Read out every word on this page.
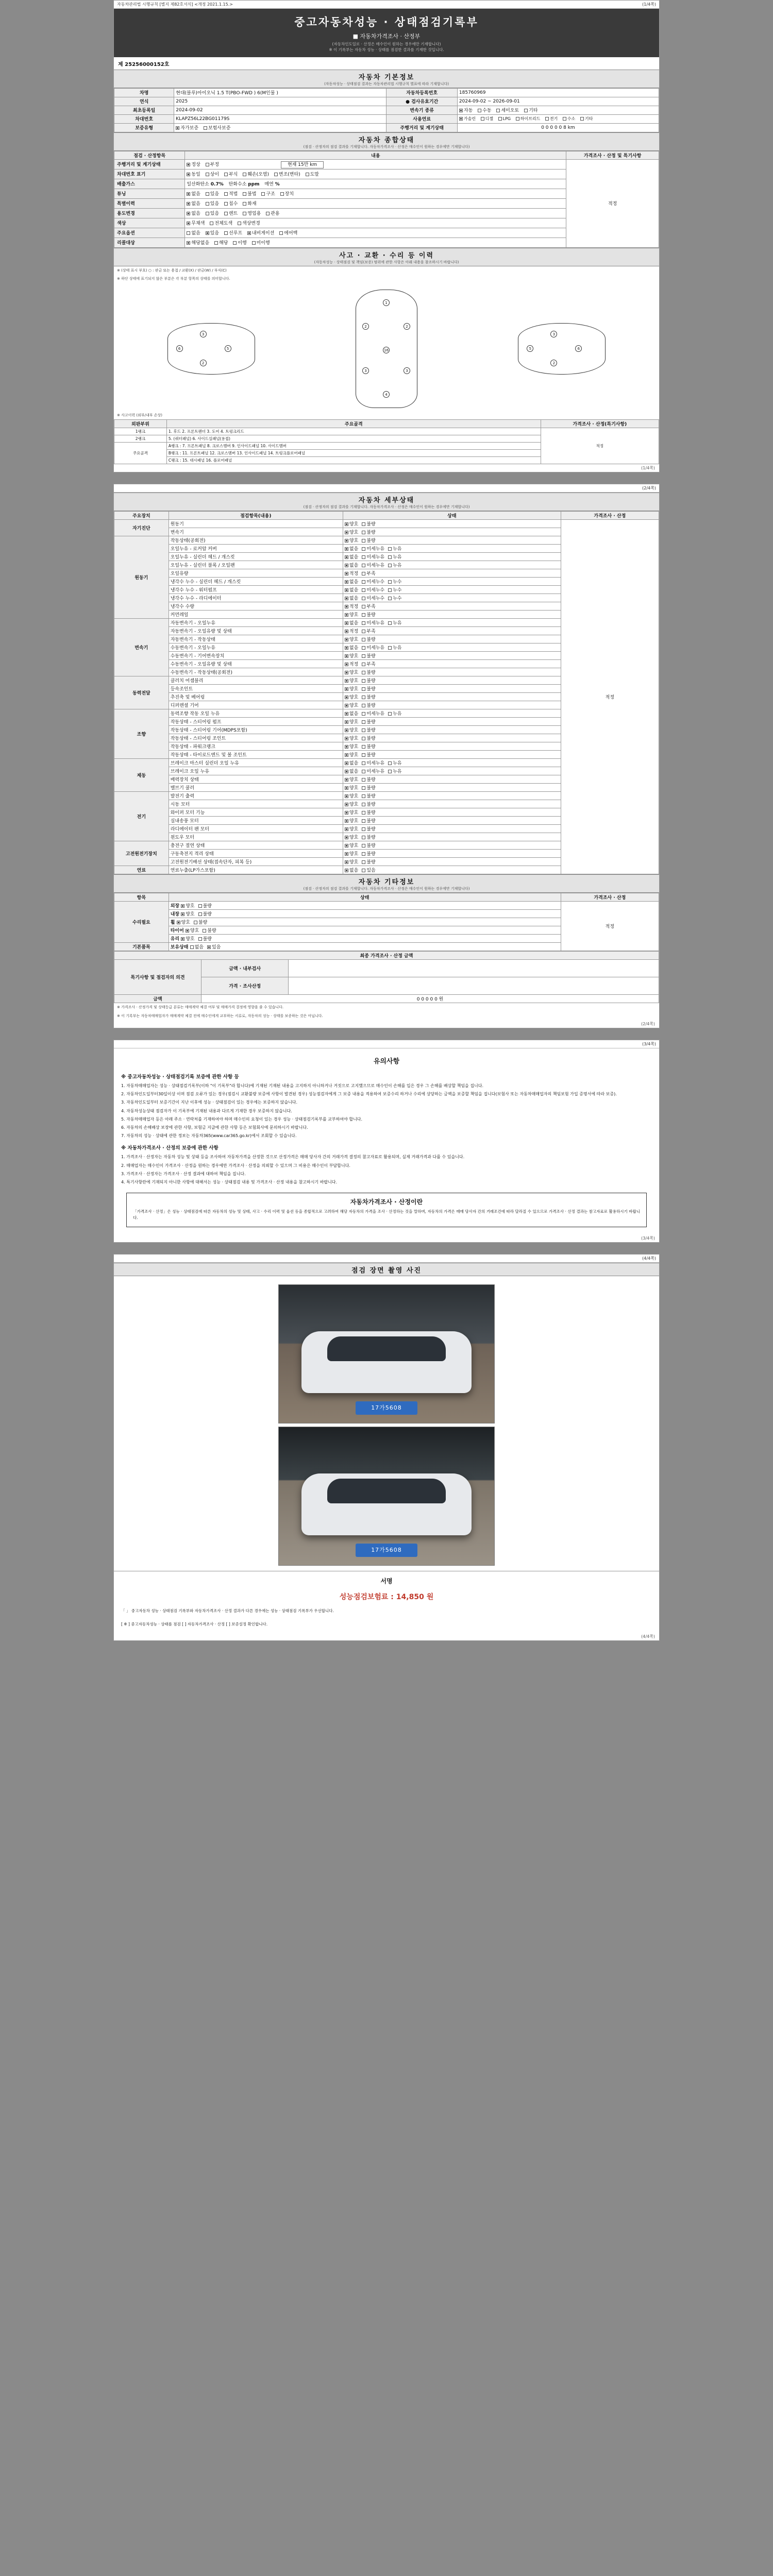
자동차관리법 시행규칙 [별지 제82호서식] <개정 2021.1.15.>	(1/4쪽)
중고자동차성능 · 상태점검기록부
■ 자동차가격조사 · 산정부
(자동차인도일로 · 산정은 매수인이 원하는 경우에만 기재합니다)
※ 이 기록부는 자동차 성능 · 상태를 점검한 결과를 기재한 것입니다.
제 25256000152호
자동차 기본정보
(자동차성능 · 상태점검 결과는 자동차관리법 시행규칙 별표에 따라 기재합니다)
차명	현대(블루)아이오닉 1.5 T(PBO-FWD ) 6(M인물 )	자동차등록번호	185760969
연식	2025	● 검사유효기간	2024-09-02 ~ 2026-09-01
최초등록일	2024-09-02	변속기 종류	자동 수동 세미오토 기타
차대번호	KLAPZ56L22BG01179S	사용연료	가솔린 디젤 LPG 하이브리드 전기 수소 기타
보증유형	자가보증 보험사보증	주행거리 및 계기상태	0 0 0 0 0 8 km
자동차 종합상태
(점검 · 산정자의 점검 결과를 기재합니다. 자동차가격조사 · 산정은 매수인이 원하는 경우에만 기재합니다)
점검 · 산정항목	내용	가격조사 · 산정 및 특기사항
주행거리 및 계기상태	정상 부정 현재 15만 km	적정
차대번호 표기	동일 상이 부식 훼손(오염) 변조(변타) 도말	
배출가스	일산화탄소 0.7% 탄화수소 ppm 매연 %	
튜닝	없음 있음 적법 불법 구조 장치	
특별이력	없음 있음 침수 화재	
용도변경	없음 있음 렌트 영업용 관용	
색상	무채색 전체도색 색상변경	
주요옵션	없음 있음 선루프 내비게이션 에어백	
리콜대상	해당없음 해당 이행 미이행	
사고 · 교환 · 수리 등 이력
(자동차성능 · 상태점검 및 책임(보증) 범위에 관한 사항은 아래 내용을 참조하시기 바랍니다)
※ (상태 표시 부호) ○ : 판금 또는 용접 / 교환(X) / 판금(W) / 부식(C)
※ 하단 상태에 표기되지 않은 부분은 각 부분 항목의 상태를 의미합니다.
6
3
5
2
1
2	2
16
3	3
4
5
3
6
2
※ 사고이력 (외부/내부 손상)
외판부위	주요골격	가격조사 · 산정(특기사항)
1랭크	1. 후드 2. 프론트펜더 3. 도어 4. 트렁크리드	적정
2랭크	5. (쿼터패널) 6. 사이드실패널(용접)	
주요골격	A랭크 : 7. 프론트패널 8. 크로스멤버 9. 인사이드패널 10. 사이드멤버	
	B랭크 : 11. 프론트패널 12. 크로스멤버 13. 인사이드패널 14. 트렁크플로어패널	
	C랭크 : 15. 대시패널 16. 플로어패널	
(1/4쪽)
(2/4쪽)
자동차 세부상태
(점검 · 산정자의 점검 결과를 기재합니다. 자동차가격조사 · 산정은 매수인이 원하는 경우에만 기재합니다)
주요장치	점검항목(내용)	상태	가격조사 · 산정
자기진단	원동기	양호 불량	적정
	변속기	양호 불량	
원동기	작동상태(공회전)	양호 불량	
	오일누유 - 로커암 커버	없음 미세누유 누유	
	오일누유 - 실린더 헤드 / 개스킷	없음 미세누유 누유	
	오일누유 - 실린더 블록 / 오일팬	없음 미세누유 누유	
	오일유량	적정 부족	
	냉각수 누수 - 실린더 헤드 / 개스킷	없음 미세누수 누수	
	냉각수 누수 - 워터펌프	없음 미세누수 누수	
	냉각수 누수 - 라디에이터	없음 미세누수 누수	
	냉각수 수량	적정 부족	
	커먼레일	양호 불량	
변속기	자동변속기 - 오일누유	없음 미세누유 누유	
	자동변속기 - 오일유량 및 상태	적정 부족	
	자동변속기 - 작동상태	양호 불량	
	수동변속기 - 오일누유	없음 미세누유 누유	
	수동변속기 - 기어변속장치	양호 불량	
	수동변속기 - 오일유량 및 상태	적정 부족	
	수동변속기 - 작동상태(공회전)	양호 불량	
동력전달	클러치 어셈블리	양호 불량	
	등속조인트	양호 불량	
	추진축 및 베어링	양호 불량	
	디퍼렌셜 기어	양호 불량	
조향	동력조향 작동 오일 누유	없음 미세누유 누유	
	작동상태 - 스티어링 펌프	양호 불량	
	작동상태 - 스티어링 기어(MDPS포함)	양호 불량	
	작동상태 - 스티어링 조인트	양호 불량	
	작동상태 - 파워크랭크	양호 불량	
	작동상태 - 타이로드엔드 및 볼 조인트	양호 불량	
제동	브레이크 마스터 실린더 오일 누유	없음 미세누유 누유	
	브레이크 오일 누유	없음 미세누유 누유	
	배력장치 상태	양호 불량	
	밸브기 쿨러	양호 불량	
전기	발전기 출력	양호 불량	
	시동 모터	양호 불량	
	와이퍼 모터 기능	양호 불량	
	실내송풍 모터	양호 불량	
	라디에이터 팬 모터	양호 불량	
	윈도우 모터	양호 불량	
고전원전기장치	충전구 절연 상태	양호 불량	
	구동축전지 격리 상태	양호 불량	
	고전원전기배선 상태(접속단자, 피복 등)	양호 불량	
연료	연료누출(LP가스포함)	없음 있음	
자동차 기타정보
(점검 · 산정자의 점검 결과를 기재합니다. 자동차가격조사 · 산정은 매수인이 원하는 경우에만 기재합니다)
항목	상태	가격조사 · 산정
수리필요	외장 양호 불량	적정
	내장 양호 불량	
	휠 양호 불량	
	타이어 양호 불량	
	유리 양호 불량	
기본품목	보유상태 없음 있음	
최종 가격조사 · 산정 금액		
특기사항 및 점검자의 의견	금액 · 내부검사	
	가격 · 조사산정	
금액	0 0 0 0 0 원	
※ 가격조사 · 산정가격 및 상태등급 분류는 매매계약 체결 여부 및 매매가격 결정에 영향을 줄 수 있습니다.
※ 이 기록부는 자동차매매업자가 매매계약 체결 전에 매수인에게 교부하는 서류로, 자동차의 성능 · 상태를 보증하는 것은 아닙니다.
(2/4쪽)
(3/4쪽)
유의사항
※ 중고자동차성능 · 상태점검기록 보증에 관한 사항 등

1. 자동차매매업자는 성능 · 상태점검기록부(이하 "이 기록부"라 합니다)에 기재된 기재된 내용을 고지하지 아니하거나 거짓으로 고지했으므로 매수인이 손해를 입은 경우 그 손해를 배상할 책임을 집니다.

2. 자동차인도일부터30일이상 이며 점검 오류가 있는 경우(점검시 교환불량 보증에 사항이 발견된 경우) 성능점검자에게 그 보증 내용을 적용하여 보증수리 하거나 수리에 상당하는 금액을 보증할 책임을 집니다(보험사 또는 자동차매매업자의 책임보험 가입 증명서에 따라 보증).

3. 자동차인도일부터 보증기간이 지난 이후에 성능 · 상태점검이 있는 경우에는 보증하지 않습니다.

4. 자동차성능상태 점검자가 이 기록부에 기재된 내용과 다르게 기재한 경우 보증하지 않습니다.

5. 자동차매매업자 등은 아래 주소 · 연락처를 기재하여야 하며 매수인의 요청이 있는 경우 성능 · 상태점검기록부를 교부하여야 합니다.

6. 자동차의 손해배상 보장에 관한 사항, 보험금 지급에 관한 사항 등은 보험회사에 문의하시기 바랍니다.

7. 자동차의 성능 · 상태에 관한 정보는 자동차365(www.car365.go.kr)에서 조회할 수 있습니다.

※ 자동차가격조사 · 산정의 보증에 관한 사항

1. 가격조사 · 산정자는 자동차 성능 및 상태 등을 조사하여 자동차가격을 산정한 것으로 산정가격은 매매 당사자 간의 거래가격 결정의 참고자료로 활용되며, 실제 거래가격과 다를 수 있습니다.

2. 매매업자는 매수인이 가격조사 · 산정을 원하는 경우에만 가격조사 · 산정을 의뢰할 수 있으며 그 비용은 매수인이 부담합니다.

3. 가격조사 · 산정자는 가격조사 · 산정 결과에 대하여 책임을 집니다.

4. 특기사항란에 기재되지 아니한 사항에 대해서는 성능 · 상태점검 내용 및 가격조사 · 산정 내용을 참고하시기 바랍니다.

자동차가격조사 · 산정이란

「가격조사 · 산정」은 성능 · 상태점검에 따른 자동차의 성능 및 상태, 사고 · 수리 이력 및 옵션 등을 종합적으로 고려하여 해당 자동차의 가격을 조사 · 산정하는 것을 말하며, 자동차의 가격은 매매 당사자 간의 거래조건에 따라 달라질 수 있으므로 가격조사 · 산정 결과는 참고자료로 활용하시기 바랍니다.

(3/4쪽)
(4/4쪽)
점검 장면 촬영 사진
17가5608
17가5608
서명
성능점검보험료 : 14,850 원
「 」 중고자동차 성능 · 상태점검 기록부와 자동차가격조사 · 산정 결과가 다른 경우에는 성능 · 상태점검 기록부가 우선합니다.
[ ※ ] 중고자동차성능 · 상태를 점검 [ ] 자동차가격조사 · 산정 [ ] 보증설정 확인합니다.
(4/4쪽)
